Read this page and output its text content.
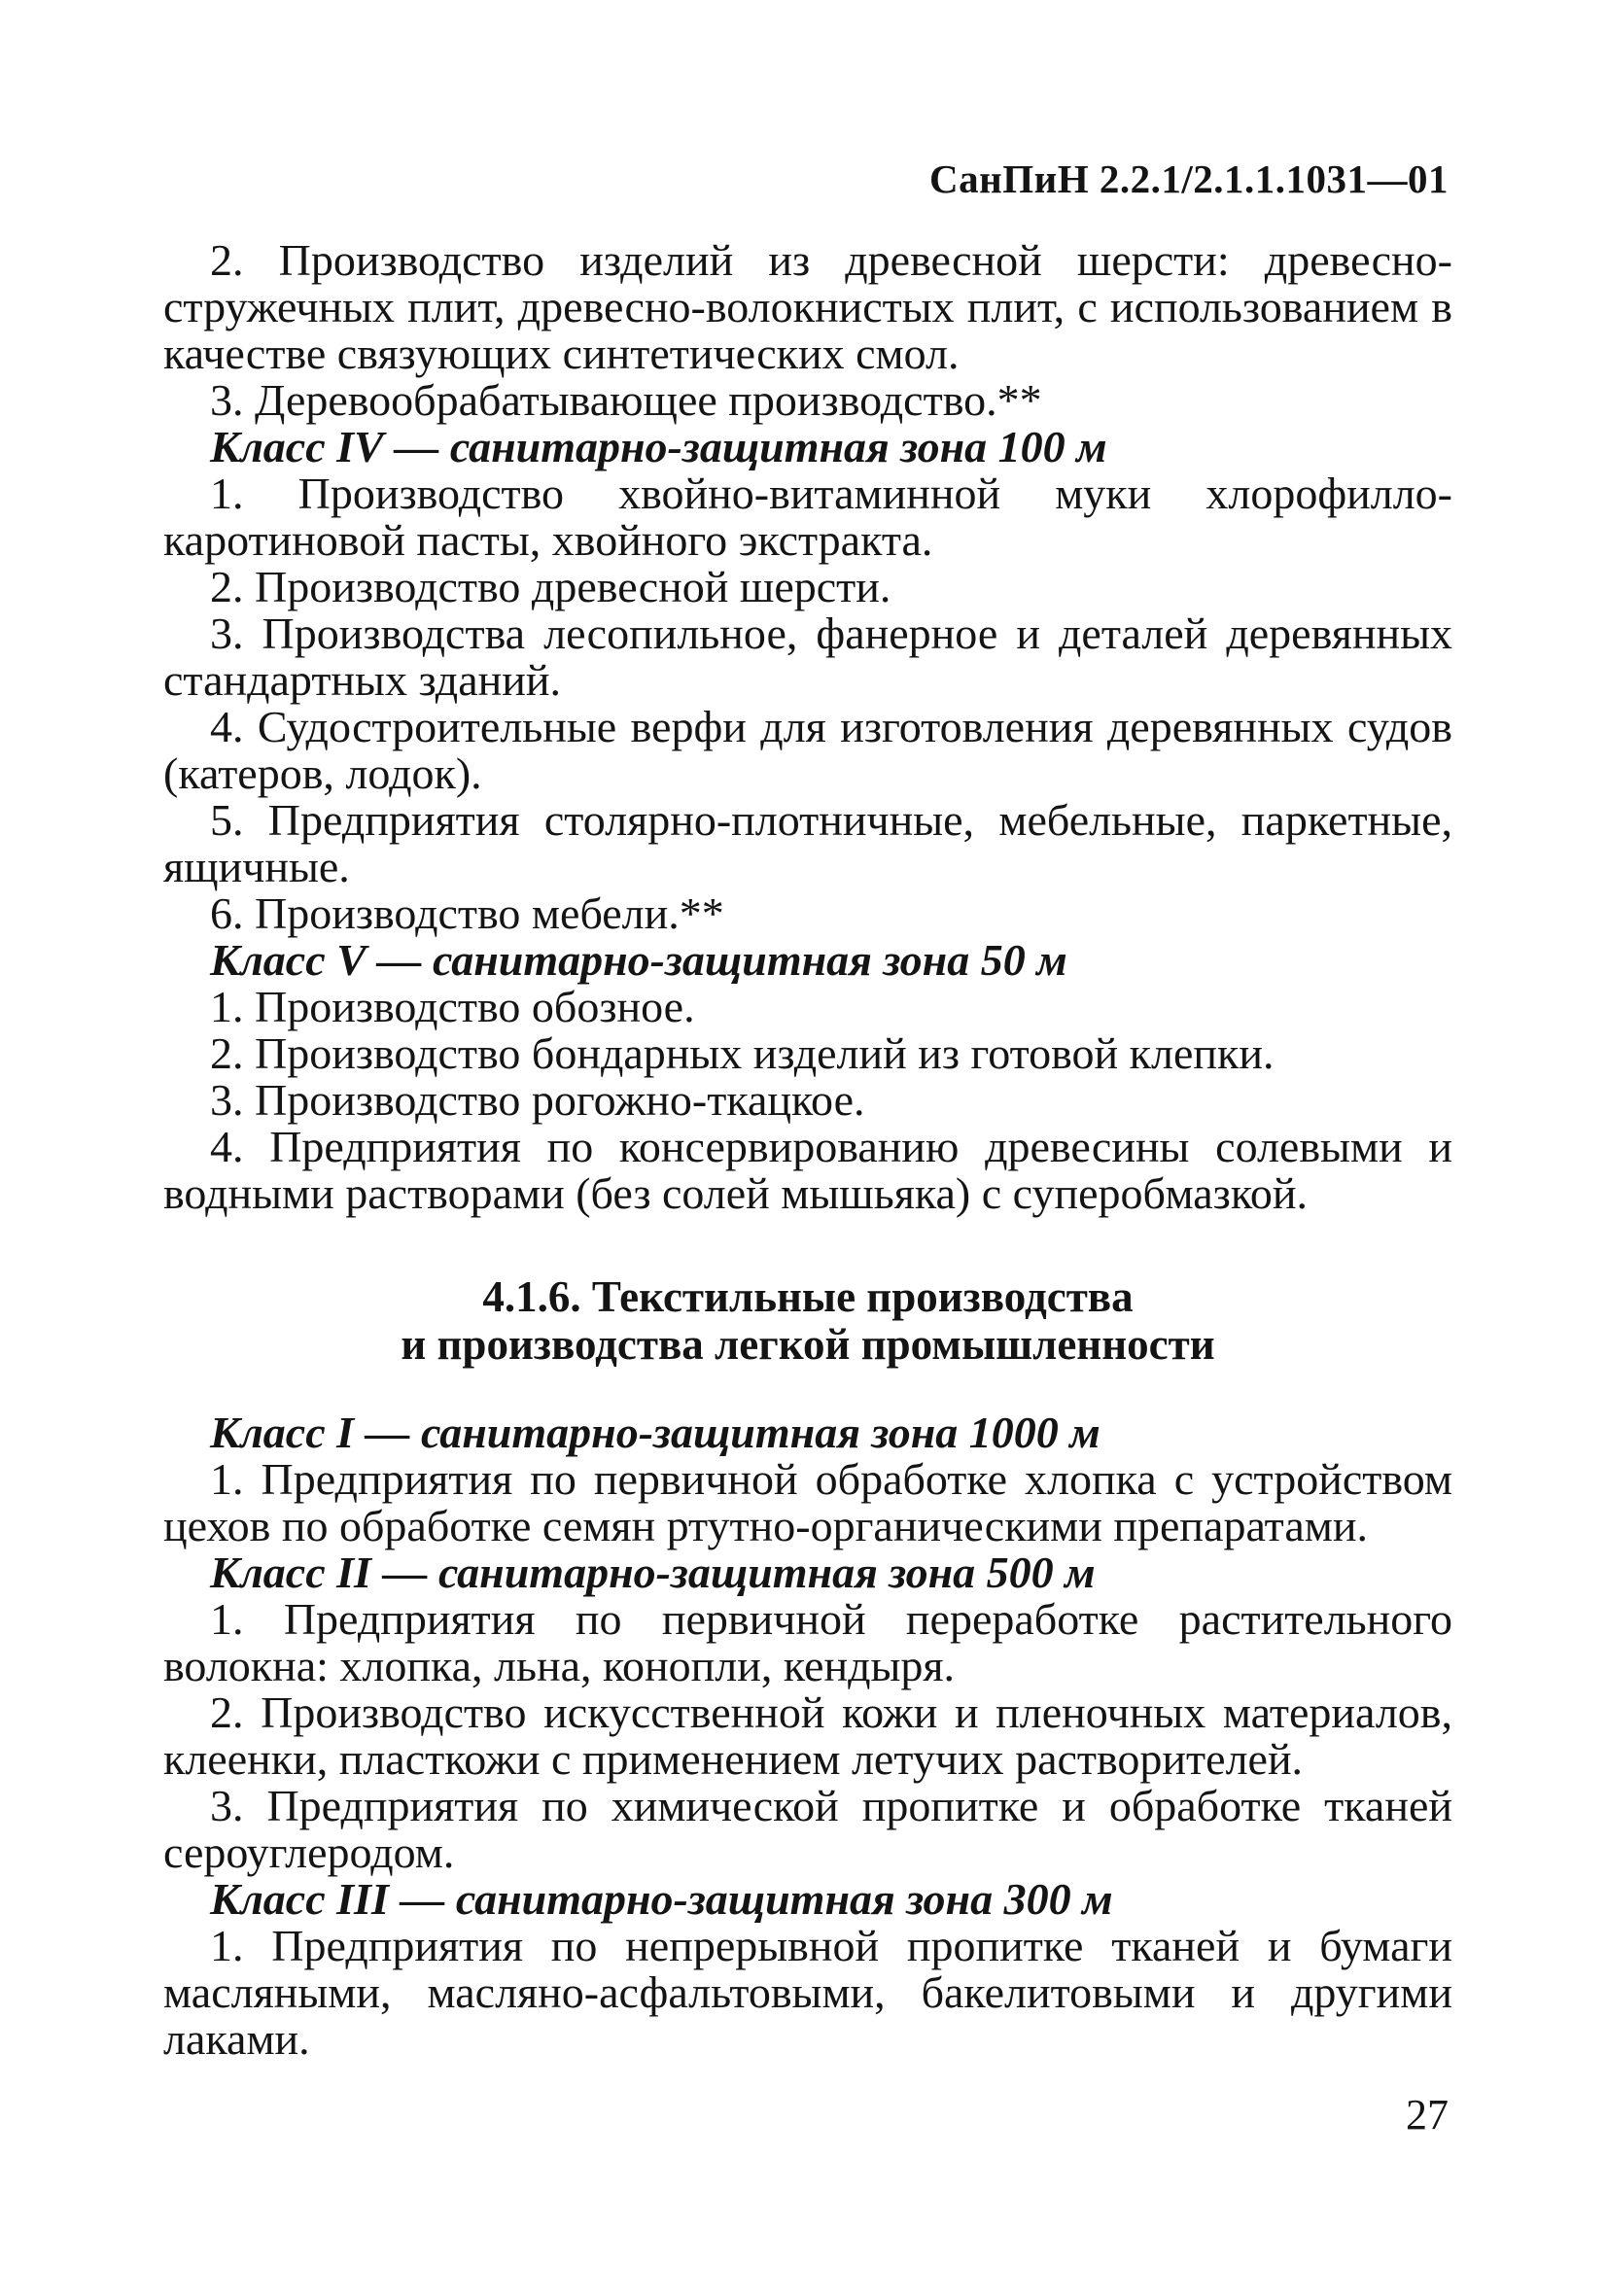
СанПиН 2.2.1/2.1.1.1031—01

2. Производство изделий из древесной шерсти: древесно-стружечных плит, древесно-волокнистых плит, с использованием в качестве связующих синтетических смол.

3. Деревообрабатывающее производство.**

Класс IV — санитарно-защитная зона 100 м

1. Производство хвойно-витаминной муки хлорофилло-каротиновой пасты, хвойного экстракта.

2. Производство древесной шерсти.

3. Производства лесопильное, фанерное и деталей деревянных стандартных зданий.

4. Судостроительные верфи для изготовления деревянных судов (катеров, лодок).

5. Предприятия столярно-плотничные, мебельные, паркетные, ящичные.

6. Производство мебели.**

Класс V — санитарно-защитная зона 50 м

1. Производство обозное.

2. Производство бондарных изделий из готовой клепки.

3. Производство рогожно-ткацкое.

4. Предприятия по консервированию древесины солевыми и водными растворами (без солей мышьяка) с суперобмазкой.

4.1.6. Текстильные производства
и производства легкой промышленности

Класс I — санитарно-защитная зона 1000 м

1. Предприятия по первичной обработке хлопка с устройством цехов по обработке семян ртутно-органическими препаратами.

Класс II — санитарно-защитная зона 500 м

1. Предприятия по первичной переработке растительного волокна: хлопка, льна, конопли, кендыря.

2. Производство искусственной кожи и пленочных материалов, клеенки, пласткожи с применением летучих растворителей.

3. Предприятия по химической пропитке и обработке тканей сероуглеродом.

Класс III — санитарно-защитная зона 300 м

1. Предприятия по непрерывной пропитке тканей и бумаги масляными, масляно-асфальтовыми, бакелитовыми и другими лаками.

27
